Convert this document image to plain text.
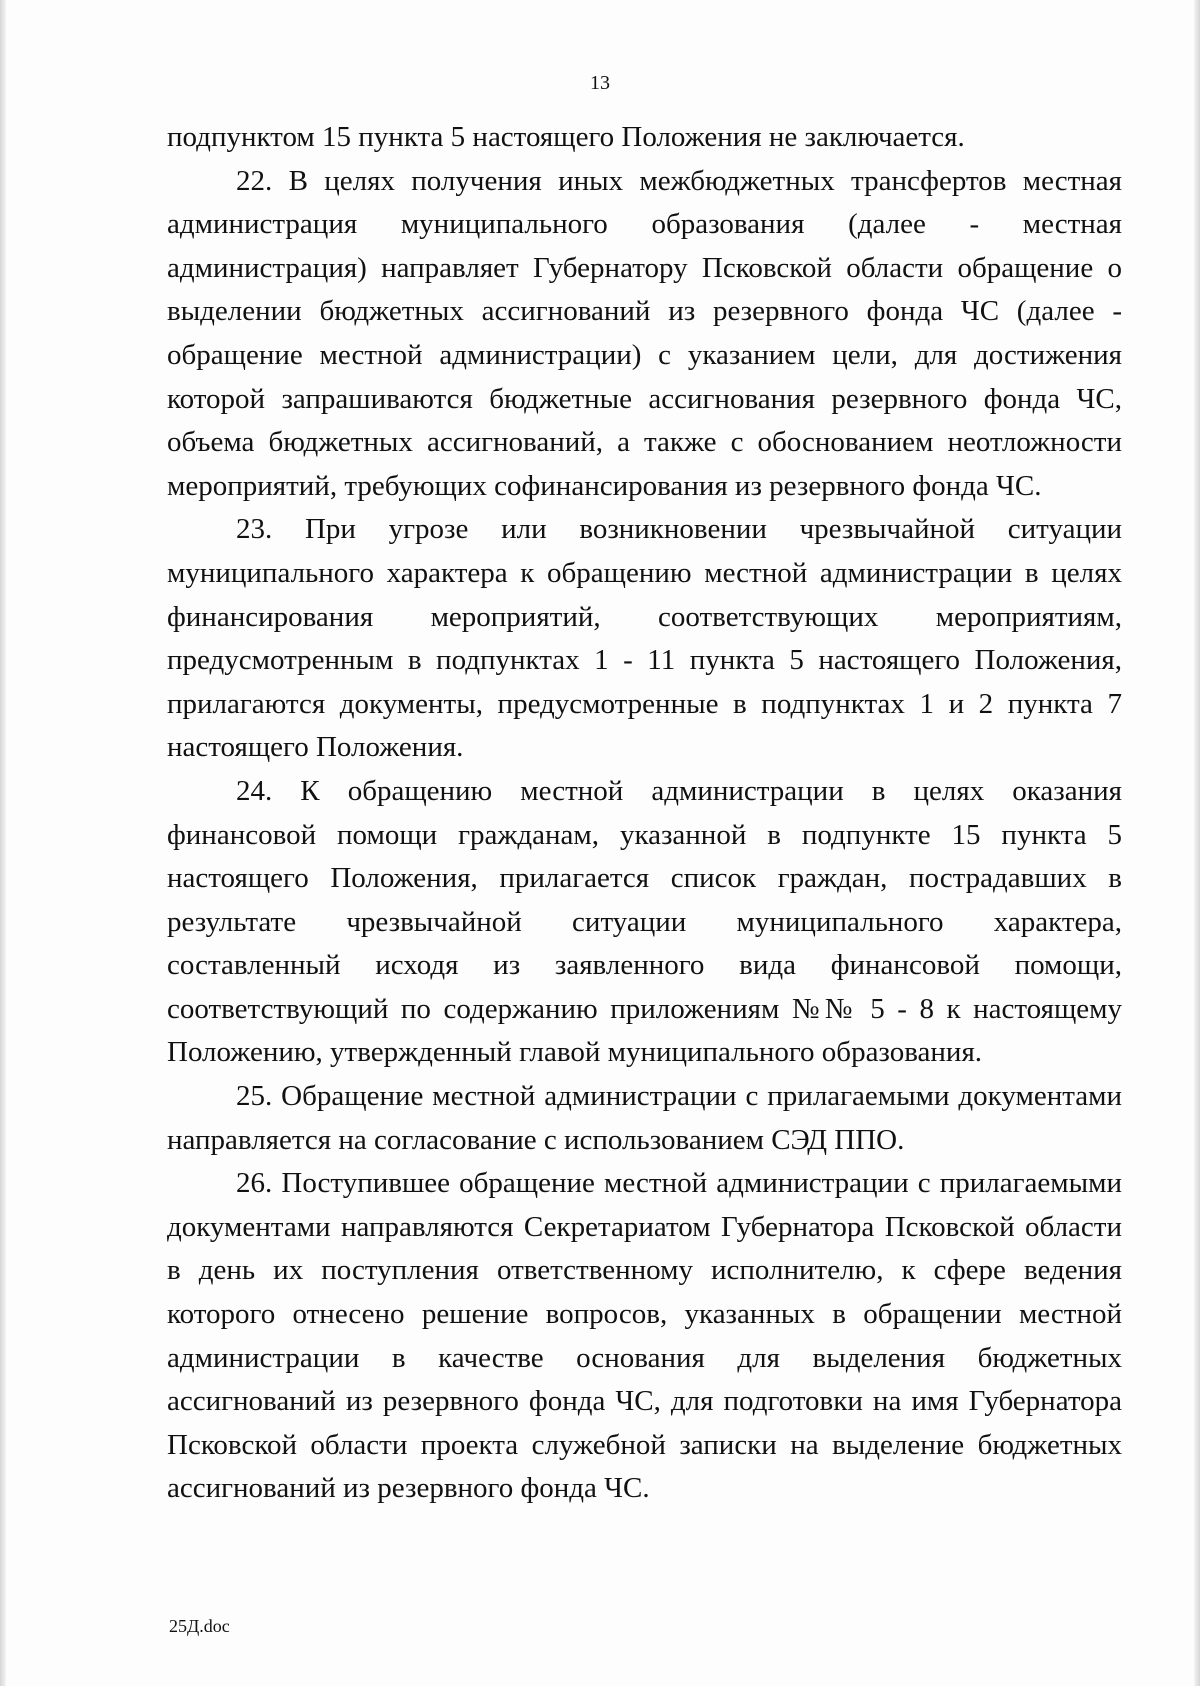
13

подпунктом 15 пункта 5 настоящего Положения не заключается.

22. В целях получения иных межбюджетных трансфертов местная администрация муниципального образования (далее - местная администрация) направляет Губернатору Псковской области обращение о выделении бюджетных ассигнований из резервного фонда ЧС (далее - обращение местной администрации) с указанием цели, для достижения которой запрашиваются бюджетные ассигнования резервного фонда ЧС, объема бюджетных ассигнований, а также с обоснованием неотложности мероприятий, требующих софинансирования из резервного фонда ЧС.

23. При угрозе или возникновении чрезвычайной ситуации муниципального характера к обращению местной администрации в целях финансирования мероприятий, соответствующих мероприятиям, предусмотренным в подпунктах 1 - 11 пункта 5 настоящего Положения, прилагаются документы, предусмотренные в подпунктах 1 и 2 пункта 7 настоящего Положения.

24. К обращению местной администрации в целях оказания финансовой помощи гражданам, указанной в подпункте 15 пункта 5 настоящего Положения, прилагается список граждан, пострадавших в результате чрезвычайной ситуации муниципального характера, составленный исходя из заявленного вида финансовой помощи, соответствующий по содержанию приложениям №№ 5 - 8 к настоящему Положению, утвержденный главой муниципального образования.

25. Обращение местной администрации с прилагаемыми документами направляется на согласование с использованием СЭД ППО.

26. Поступившее обращение местной администрации с прилагаемыми документами направляются Секретариатом Губернатора Псковской области в день их поступления ответственному исполнителю, к сфере ведения которого отнесено решение вопросов, указанных в обращении местной администрации в качестве основания для выделения бюджетных ассигнований из резервного фонда ЧС, для подготовки на имя Губернатора Псковской области проекта служебной записки на выделение бюджетных ассигнований из резервного фонда ЧС.

25Д.doc
